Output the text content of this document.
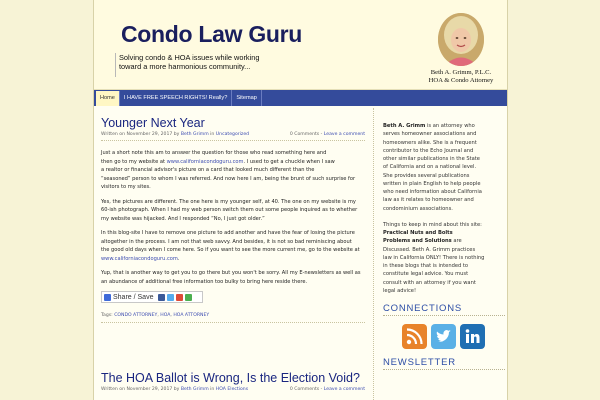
Condo Law Guru
Solving condo & HOA issues while working
toward a more harmonious community...
Beth A. Grimm, P.L.C.
HOA & Condo Attorney
Home	I HAVE FREE SPEECH RIGHTS! Really?	Sitemap
Younger Next Year
Written on November 29, 2017 by Beth Grimm in Uncategorized	0 Comments - Leave a comment
Just a short note this am to answer the question for those who read something here and
then go to my website at www.californiacondoguru.com. I used to get a chuckle when I saw
a realtor or financial advisor's picture on a card that looked much different than the
“seasoned” person to whom I was referred. And now here I am, being the brunt of such surprise for
visitors to my sites.
Yes, the pictures are different. The one here is my younger self, at 40. The one on my website is my
60-ish photograph. When I had my web person switch them out some people inquired as to whether
my website was hijacked. And I responded “No, I just got older.”
In this blog-site I have to remove one picture to add another and have the fear of losing the picture
altogether in the process. I am not that web savvy. And besides, it is not so bad reminiscing about
the good old days when I come here. So if you want to see the more current me, go to the website at
www.californiacondoguru.com.
Yup, that is another way to get you to go there but you won't be sorry. All my E-newsletters as well as
an abundance of additional free information too bulky to bring here reside there.
Share / Save
Tags: CONDO ATTORNEY, HOA, HOA ATTORNEY
The HOA Ballot is Wrong, Is the Election Void?
Written on November 29, 2017 by Beth Grimm in HOA Elections	0 Comments - Leave a comment

Beth A. Grimm is an attorney who

serves homeowner associations and

homeowners alike. She is a frequent

contributor to the Echo Journal and

other similar publications in the State

of California and on a national level.

She provides several publications

written in plain English to help people

who need information about California

law as it relates to homeowner and

condominium associations.

Things to keep in mind about this site:

Practical Nuts and Bolts

Problems and Solutions are

Discussed. Beth A. Grimm practices

law in California ONLY! There is nothing

in these blogs that is intended to

constitute legal advice. You must

consult with an attorney if you want

legal advice!

CONNECTIONS
NEWSLETTER
